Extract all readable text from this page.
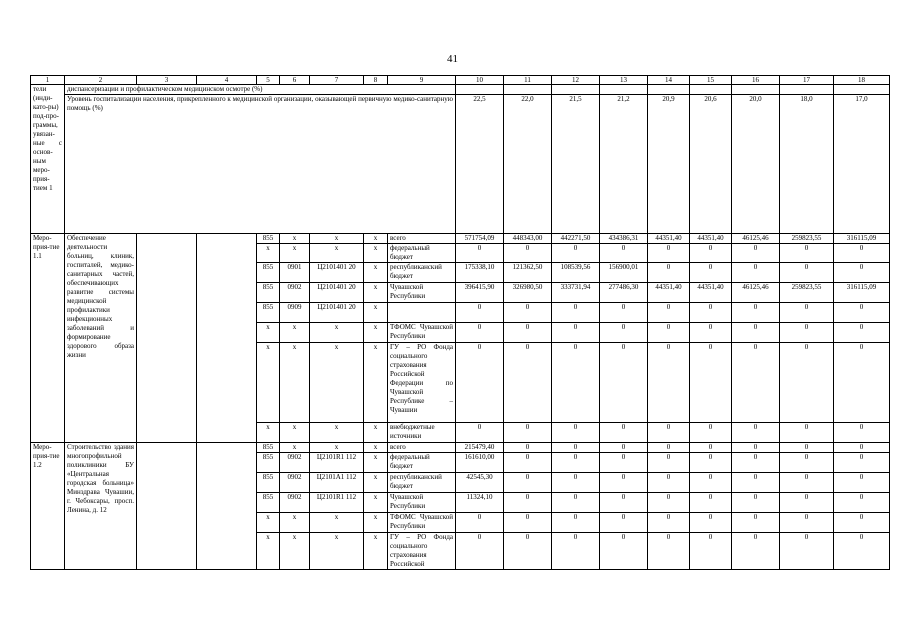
41
1	2	3	4	5	6	7	8	9	10	11	12	13	14	15	16	17	18
тели (инди-като-ры) под-про-граммы, увязан-ные с основ-ным меро-прия-тием 1	диспансеризации и профилактическом медицинском осмотре (%)																
	Уровень госпитализации населения, прикрепленного к медицинской организации, оказывающей первичную медико-санитарную помощь (%)								22,5	22,0	21,5	21,2	20,9	20,6	20,0	18,0	17,0
Меро-прия-тие 1.1	Обеспечение деятельности больниц, клиник, госпиталей, медико-санитарных частей, обеспечивающих развитие системы медицинской профилактики инфекционных заболеваний и формирование здорового образа жизни			855	x	x	x	всего	571754,09	448343,00	442271,50	434386,31	44351,40	44351,40	46125,46	259823,55	316115,09
				x	x	x	x	федеральный бюджет	0	0	0	0	0	0	0	0	0
				855	0901	Ц2101401 20	x	республиканский бюджет	175338,10	121362,50	108539,56	156900,01	0	0	0	0	0
				855	0902	Ц2101401 20	x	Чувашской Республики	396415,90	326980,50	333731,94	277486,30	44351,40	44351,40	46125,46	259823,55	316115,09
				855	0909	Ц2101401 20	x		0	0	0	0	0	0	0	0	0
				x	x	x	x	ТФОМС Чувашской Республики	0	0	0	0	0	0	0	0	0
				x	x	x	x	ГУ – РО Фонда социального страхования Российской Федерации по Чувашской Республике – Чувашии	0	0	0	0	0	0	0	0	0
				x	x	x	x	внебюджетные источники	0	0	0	0	0	0	0	0	0
Меро-прия-тие 1.2	Строительство здания многопрофильной поликлиники БУ «Центральная городская больница» Минздрава Чувашии, г. Чебоксары, просп. Ленина, д. 12			855	x	x	x	всего	215479,40	0	0	0	0	0	0	0	0
				855	0902	Ц2101R1 112	x	федеральный бюджет	161610,00	0	0	0	0	0	0	0	0
				855	0902	Ц2101А1 112	x	республиканский бюджет	42545,30	0	0	0	0	0	0	0	0
				855	0902	Ц2101R1 112	x	Чувашской Республики	11324,10	0	0	0	0	0	0	0	0
				x	x	x	x	ТФОМС Чувашской Республики	0	0	0	0	0	0	0	0	0
				x	x	x	x	ГУ – РО Фонда социального страхования Российской	0	0	0	0	0	0	0	0	0
